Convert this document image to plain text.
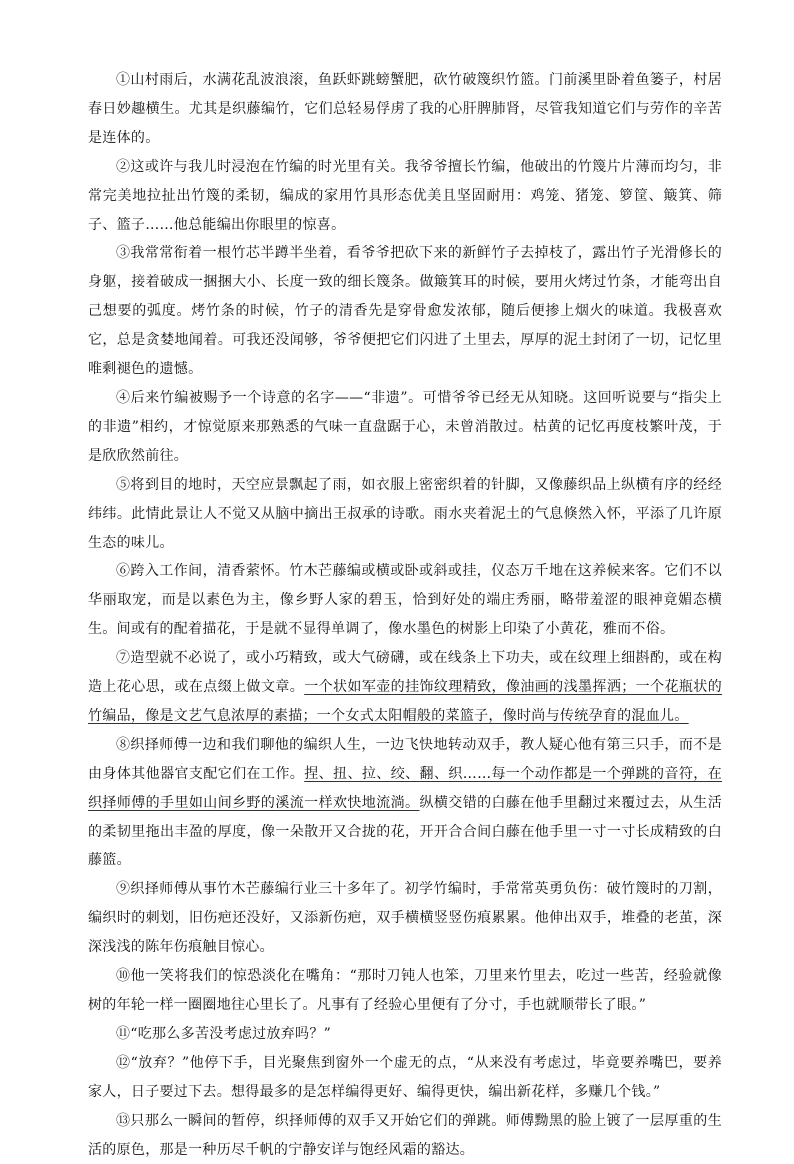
①山村雨后，水满花乱波浪滚，鱼跃虾跳螃蟹肥，砍竹破篾织竹篮。门前溪里卧着鱼篓子，村居春日妙趣横生。尤其是织藤编竹，它们总轻易俘虏了我的心肝脾肺肾，尽管我知道它们与劳作的辛苦是连体的。

②这或许与我儿时浸泡在竹编的时光里有关。我爷爷擅长竹编，他破出的竹篾片片薄而均匀，非常完美地拉扯出竹篾的柔韧，编成的家用竹具形态优美且坚固耐用：鸡笼、猪笼、箩筐、簸箕、筛子、篮子……他总能编出你眼里的惊喜。

③我常常衔着一根竹芯半蹲半坐着，看爷爷把砍下来的新鲜竹子去掉枝了，露出竹子光滑修长的身躯，接着破成一捆捆大小、长度一致的细长篾条。做簸箕耳的时候，要用火烤过竹条，才能弯出自己想要的弧度。烤竹条的时候，竹子的清香先是穿骨愈发浓郁，随后便掺上烟火的味道。我极喜欢它，总是贪婪地闻着。可我还没闻够，爷爷便把它们闪进了土里去，厚厚的泥土封闭了一切，记忆里唯剩褪色的遗憾。

④后来竹编被赐予一个诗意的名字——“非遗”。可惜爷爷已经无从知晓。这回听说要与“指尖上的非遗”相约，才惊觉原来那熟悉的气味一直盘踞于心，未曾消散过。枯黄的记忆再度枝繁叶茂，于是欣欣然前往。

⑤将到目的地时，天空应景飘起了雨，如衣服上密密织着的针脚，又像藤织品上纵横有序的经经纬纬。此情此景让人不觉又从脑中摘出王叔承的诗歌。雨水夹着泥土的气息倏然入怀，平添了几许原生态的味儿。

⑥跨入工作间，清香萦怀。竹木芒藤编或横或卧或斜或挂，仪态万千地在这养候来客。它们不以华丽取宠，而是以素色为主，像乡野人家的碧玉，恰到好处的端庄秀丽，略带羞涩的眼神竟媚态横生。间或有的配着描花，于是就不显得单调了，像水墨色的树影上印染了小黄花，雅而不俗。

⑦造型就不必说了，或小巧精致，或大气磅礴，或在线条上下功夫，或在纹理上细斟酌，或在构造上花心思，或在点缀上做文章。一个状如军壶的挂饰纹理精致，像油画的浅墨挥洒；一个花瓶状的竹编品，像是文艺气息浓厚的素描；一个女式太阳帽般的菜篮子，像时尚与传统孕育的混血儿。

⑧织择师傅一边和我们聊他的编织人生，一边飞快地转动双手，教人疑心他有第三只手，而不是由身体其他器官支配它们在工作。捏、扭、拉、绞、翻、织……每一个动作都是一个弹跳的音符，在织择师傅的手里如山间乡野的溪流一样欢快地流淌。纵横交错的白藤在他手里翻过来覆过去，从生活的柔韧里拖出丰盈的厚度，像一朵散开又合拢的花，开开合合间白藤在他手里一寸一寸长成精致的白藤篮。

⑨织择师傅从事竹木芒藤编行业三十多年了。初学竹编时，手常常英勇负伤：破竹篾时的刀割，编织时的刺划，旧伤疤还没好，又添新伤疤，双手横横竖竖伤痕累累。他伸出双手，堆叠的老茧，深深浅浅的陈年伤痕触目惊心。

⑩他一笑将我们的惊恐淡化在嘴角：“那时刀钝人也笨，刀里来竹里去，吃过一些苦，经验就像树的年轮一样一圈圈地往心里长了。凡事有了经验心里便有了分寸，手也就顺带长了眼。”

⑪“吃那么多苦没考虑过放弃吗？”

⑫“放弃？”他停下手，目光聚焦到窗外一个虚无的点，“从来没有考虑过，毕竟要养嘴巴，要养家人，日子要过下去。想得最多的是怎样编得更好、编得更快，编出新花样，多赚几个钱。”

⑬只那么一瞬间的暂停，织择师傅的双手又开始它们的弹跳。师傅黝黑的脸上镀了一层厚重的生活的原色，那是一种历尽千帆的宁静安详与饱经风霜的豁达。
